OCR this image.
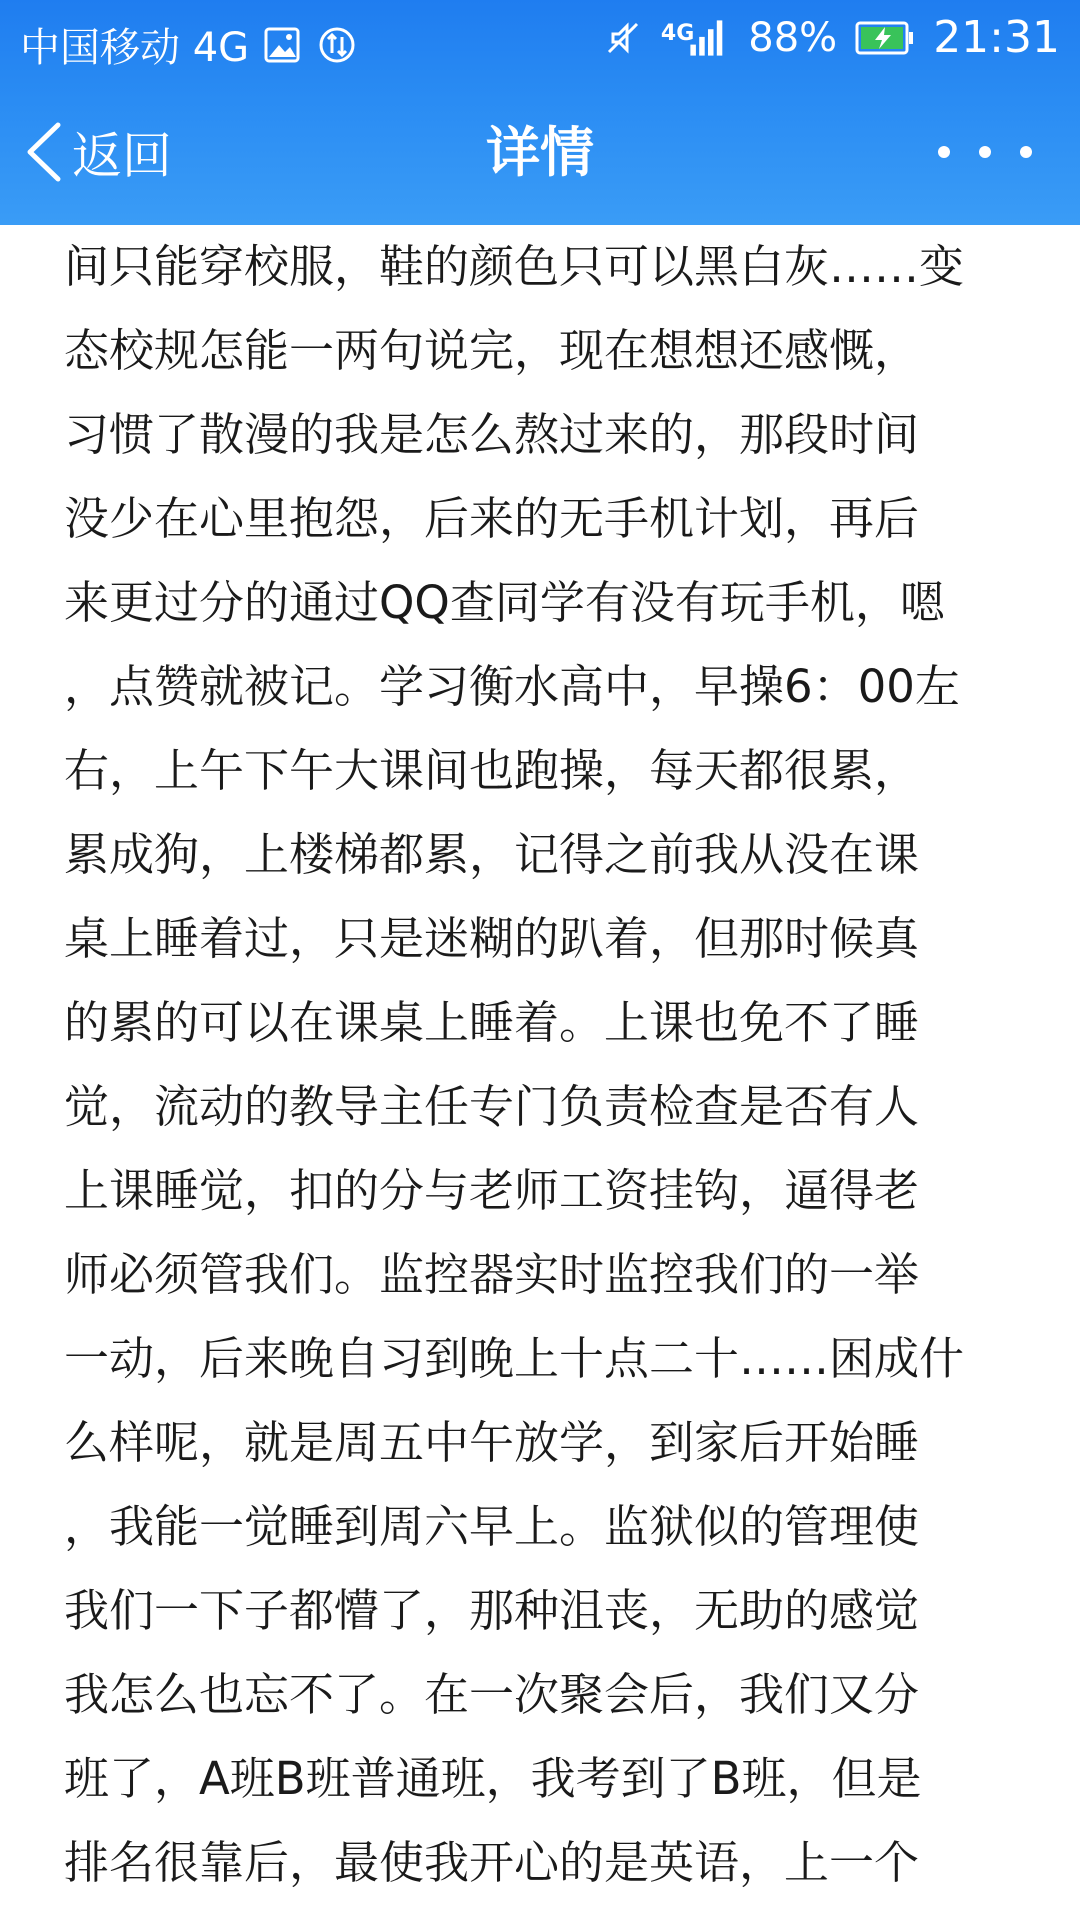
中国移动 4G	4G 88% 21:31
返回	详情
间只能穿校服，鞋的颜色只可以黑白灰……变
态校规怎能一两句说完，现在想想还感慨，
习惯了散漫的我是怎么熬过来的，那段时间
没少在心里抱怨，后来的无手机计划，再后
来更过分的通过QQ查同学有没有玩手机，嗯
，点赞就被记。学习衡水高中，早操6：00左
右，上午下午大课间也跑操，每天都很累，
累成狗，上楼梯都累，记得之前我从没在课
桌上睡着过，只是迷糊的趴着，但那时候真
的累的可以在课桌上睡着。上课也免不了睡
觉，流动的教导主任专门负责检查是否有人
上课睡觉，扣的分与老师工资挂钩，逼得老
师必须管我们。监控器实时监控我们的一举
一动，后来晚自习到晚上十点二十……困成什
么样呢，就是周五中午放学，到家后开始睡
，我能一觉睡到周六早上。监狱似的管理使
我们一下子都懵了，那种沮丧，无助的感觉
我怎么也忘不了。在一次聚会后，我们又分
班了，A班B班普通班，我考到了B班，但是
排名很靠后，最使我开心的是英语，上一个
